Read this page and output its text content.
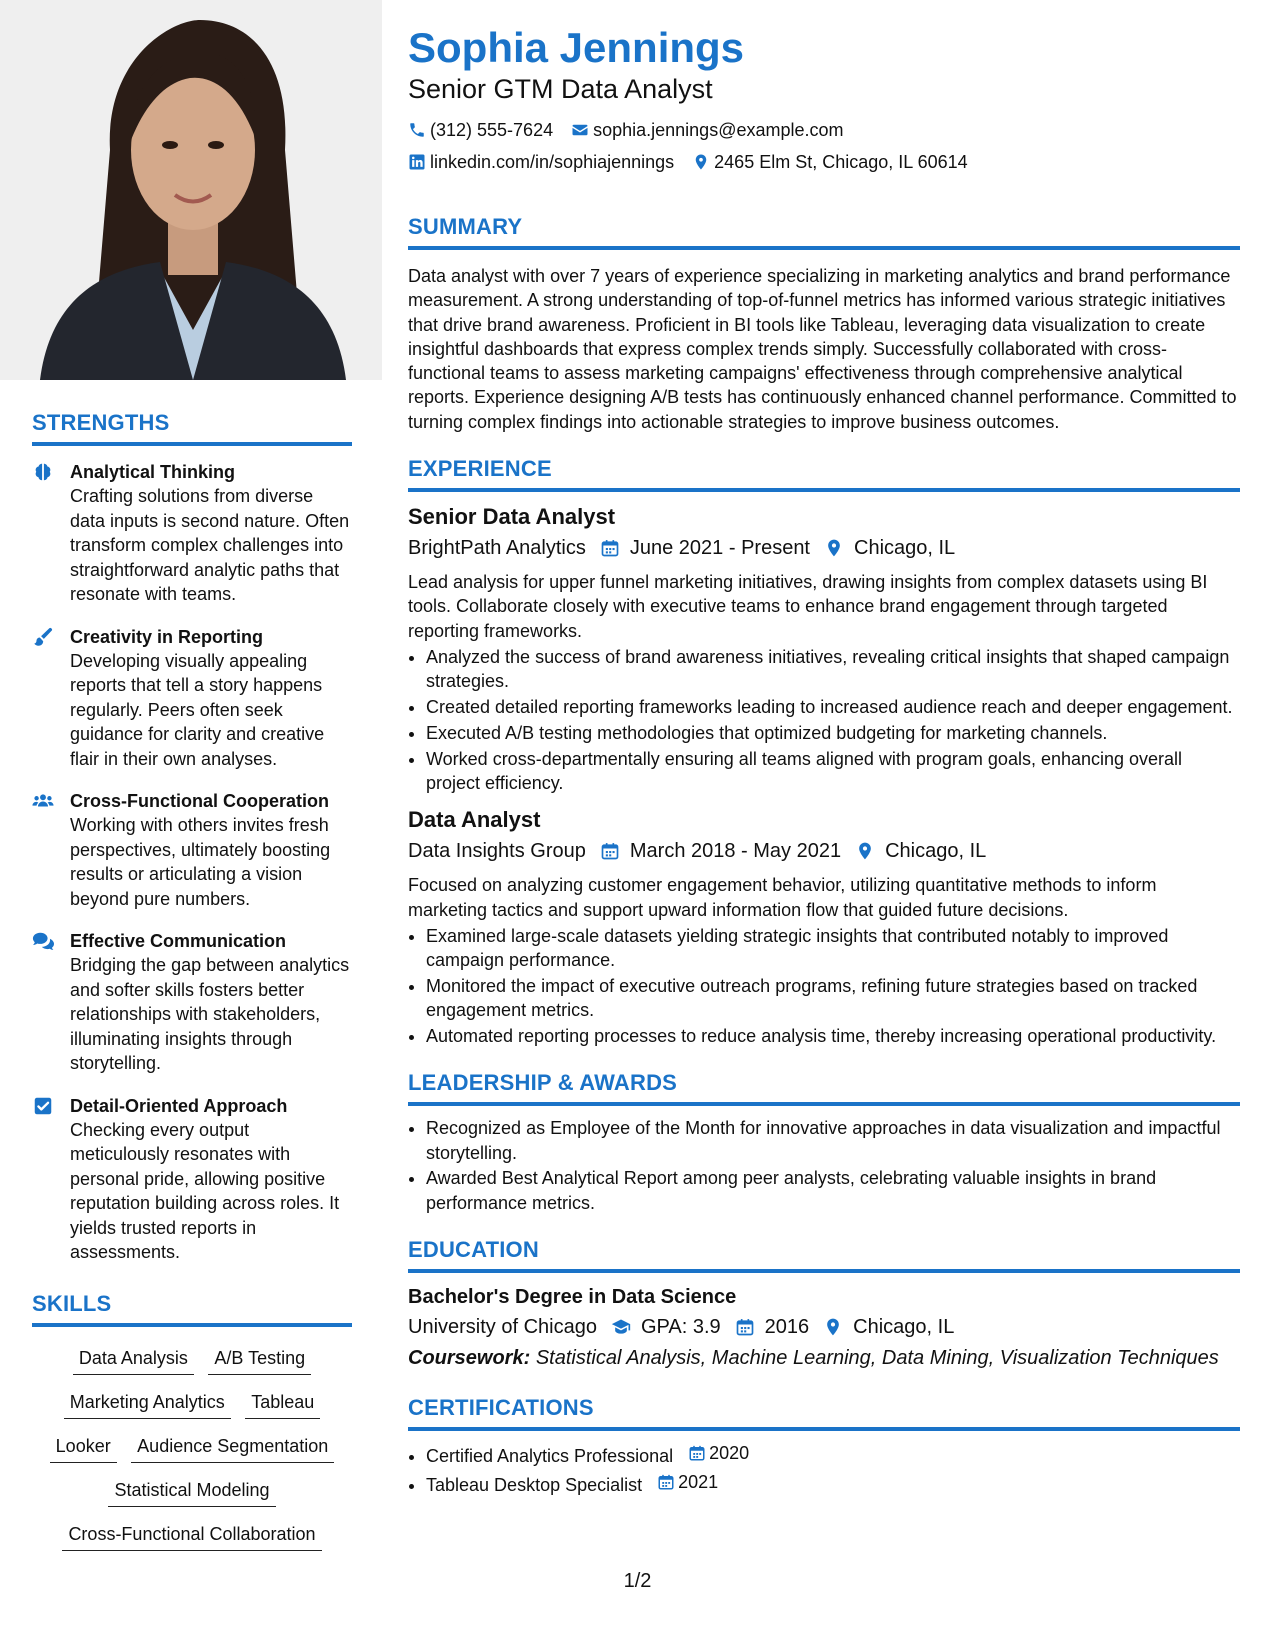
STRENGTHS
Analytical Thinking
Crafting solutions from diverse data inputs is second nature. Often transform complex challenges into straightforward analytic paths that resonate with teams.
Creativity in Reporting
Developing visually appealing reports that tell a story happens regularly. Peers often seek guidance for clarity and creative flair in their own analyses.
Cross-Functional Cooperation
Working with others invites fresh perspectives, ultimately boosting results or articulating a vision beyond pure numbers.
Effective Communication
Bridging the gap between analytics and softer skills fosters better relationships with stakeholders, illuminating insights through storytelling.
Detail-Oriented Approach
Checking every output meticulously resonates with personal pride, allowing positive reputation building across roles. It yields trusted reports in assessments.
SKILLS
Data Analysis A/B Testing
Marketing Analytics Tableau
Looker Audience Segmentation
Statistical Modeling
Cross-Functional Collaboration
Sophia Jennings
Senior GTM Data Analyst
(312) 555-7624 sophia.jennings@example.com
linkedin.com/in/sophiajennings 2465 Elm St, Chicago, IL 60614
SUMMARY
Data analyst with over 7 years of experience specializing in marketing analytics and brand performance measurement. A strong understanding of top-of-funnel metrics has informed various strategic initiatives that drive brand awareness. Proficient in BI tools like Tableau, leveraging data visualization to create insightful dashboards that express complex trends simply. Successfully collaborated with cross-functional teams to assess marketing campaigns' effectiveness through comprehensive analytical reports. Experience designing A/B tests has continuously enhanced channel performance. Committed to turning complex findings into actionable strategies to improve business outcomes.
EXPERIENCE
Senior Data Analyst
BrightPath Analytics June 2021 - Present Chicago, IL
Lead analysis for upper funnel marketing initiatives, drawing insights from complex datasets using BI tools. Collaborate closely with executive teams to enhance brand engagement through targeted reporting frameworks.
• Analyzed the success of brand awareness initiatives, revealing critical insights that shaped campaign strategies.
• Created detailed reporting frameworks leading to increased audience reach and deeper engagement.
• Executed A/B testing methodologies that optimized budgeting for marketing channels.
• Worked cross-departmentally ensuring all teams aligned with program goals, enhancing overall project efficiency.
Data Analyst
Data Insights Group March 2018 - May 2021 Chicago, IL
Focused on analyzing customer engagement behavior, utilizing quantitative methods to inform marketing tactics and support upward information flow that guided future decisions.
• Examined large-scale datasets yielding strategic insights that contributed notably to improved campaign performance.
• Monitored the impact of executive outreach programs, refining future strategies based on tracked engagement metrics.
• Automated reporting processes to reduce analysis time, thereby increasing operational productivity.
LEADERSHIP & AWARDS
• Recognized as Employee of the Month for innovative approaches in data visualization and impactful storytelling.
• Awarded Best Analytical Report among peer analysts, celebrating valuable insights in brand performance metrics.
EDUCATION
Bachelor's Degree in Data Science
University of Chicago GPA: 3.9 2016 Chicago, IL
Coursework: Statistical Analysis, Machine Learning, Data Mining, Visualization Techniques
CERTIFICATIONS
• Certified Analytics Professional 2020
• Tableau Desktop Specialist 2021
1/2
